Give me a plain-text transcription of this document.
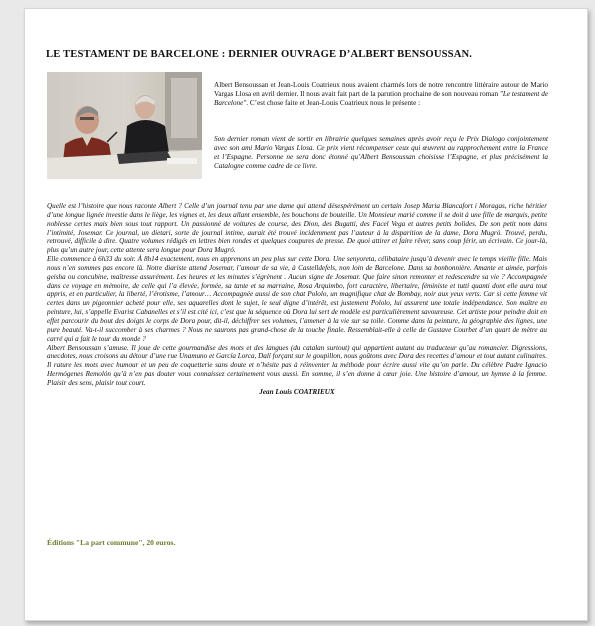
LE TESTAMENT DE BARCELONE : DERNIER OUVRAGE D’ALBERT BENSOUSSAN.

Albert Bensoussan et Jean-Louis Coatrieux nous avaient charmés lors de notre rencontre littéraire autour de Mario Vargas Llosa en avril dernier. Il nous avait fait part de la parution prochaine de son nouveau roman "Le testament de Barcelone". C’est chose faite et Jean-Louis Coatrieux nous le présente :

Son dernier roman vient de sortir en librairie quelques semaines après avoir reçu le Prix Dialogo conjointement avec son ami Mario Vargas Llosa. Ce prix vient récompenser ceux qui œuvrent au rapprochement entre la France et l’Espagne. Personne ne sera donc étonné qu’Albert Bensoussan choisisse l’Espagne, et plus précisément la Catalogne comme cadre de ce livre.

Quelle est l’histoire que nous raconte Albert ? Celle d’un journal tenu par une dame qui attend désespérément un certain Josep Maria Blancafort i Moragas, riche héritier d’une longue lignée investie dans le liège, les vignes et, les deux allant ensemble, les bouchons de bouteille. Un Monsieur marié comme il se doit à une fille de marquis, petite noblesse certes mais bien sous tout rapport. Un passionné de voitures de course, des Dion, des Bugatti, des Facel Vega et autres petits bolides. De son petit nom dans l’intimité, Josemar. Ce journal, un dietari, sorte de journal intime, aurait été trouvé incidemment pas l’auteur à la disparition de la dame, Dora Mugró. Trouvé, perdu, retrouvé, difficile à dire. Quatre volumes rédigés en lettres bien rondes et quelques coupures de presse. De quoi attirer et faire rêver, sans coup férir, un écrivain. Ce jour-là, plus qu’un autre jour, cette attente sera longue pour Dora Mugró.

Elle commence à 6h33 du soir. À 8h14 exactement, nous en apprenons un peu plus sur cette Dora. Une senyoreta, célibataire jusqu’à devenir avec le temps vieille fille. Mais nous n’en sommes pas encore là. Notre diariste attend Josemar, l’amour de sa vie, à Castelldefels, non loin de Barcelone. Dans sa bonbonnière. Amante et aimée, parfois geisha ou concubine, maîtresse assurément. Les heures et les minutes s’égrènent . Aucun signe de Josemar. Que faire sinon remonter et redescendre sa vie ? Accompagnée dans ce voyage en mémoire, de celle qui l’a élevée, formée, sa tante et sa marraine, Rosa Arquimbo, fort caractère, libertaire, féministe et tutti quanti dont elle aura tout appris, et en particulier, la liberté, l’érotisme, l’amour… Accompagnée aussi de son chat Pololo, un magnifique chat de Bombay, noir aux yeux verts. Car si cette femme vit certes dans un pigeonnier acheté pour elle, ses aquarelles dont le sujet, le seul digne d’intérêt, est justement Pololo, lui assurent une totale indépendance. Son maître en peinture, lui, s’appelle Evarist Cabanelles et s’il est cité ici, c’est que la séquence où Dora lui sert de modèle est particulièrement savoureuse. Cet artiste pour peindre doit en effet parcourir du bout des doigts le corps de Dora pour, dit-il, déchiffrer ses volumes, l’amener à la vie sur sa toile. Comme dans la peinture, la géographie des lignes, une pure beauté. Va-t-il succomber à ses charmes ? Nous ne saurons pas grand-chose de la touche finale. Ressemblait-elle à celle de Gustave Courbet d’un quart de mètre au carré qui a fait le tour du monde ?

Albert Bensoussan s’amuse. Il joue de cette gourmandise des mots et des langues (du catalan surtout) qui appartient autant au traducteur qu’au romancier. Digressions, anecdotes, nous croisons au détour d’une rue Unamuno et García Lorca, Dalí forçant sur le goupillon, nous goûtons avec Dora des recettes d’amour et tout autant culinaires. Il rature les mots avec humour et un peu de coquetterie sans doute et n’hésite pas à réinventer la méthode pour écrire aussi vite qu’on parle. Du célèbre Padre Ignacio Hermógenes Remolón qu’à n’en pas douter vous connaissez certainement vous aussi. En somme, il s’en donne à cœur joie. Une histoire d’amour, un hymne à la femme. Plaisir des sens, plaisir tout court.

Jean Louis COATRIEUX

Éditions "La part commune", 20 euros.
